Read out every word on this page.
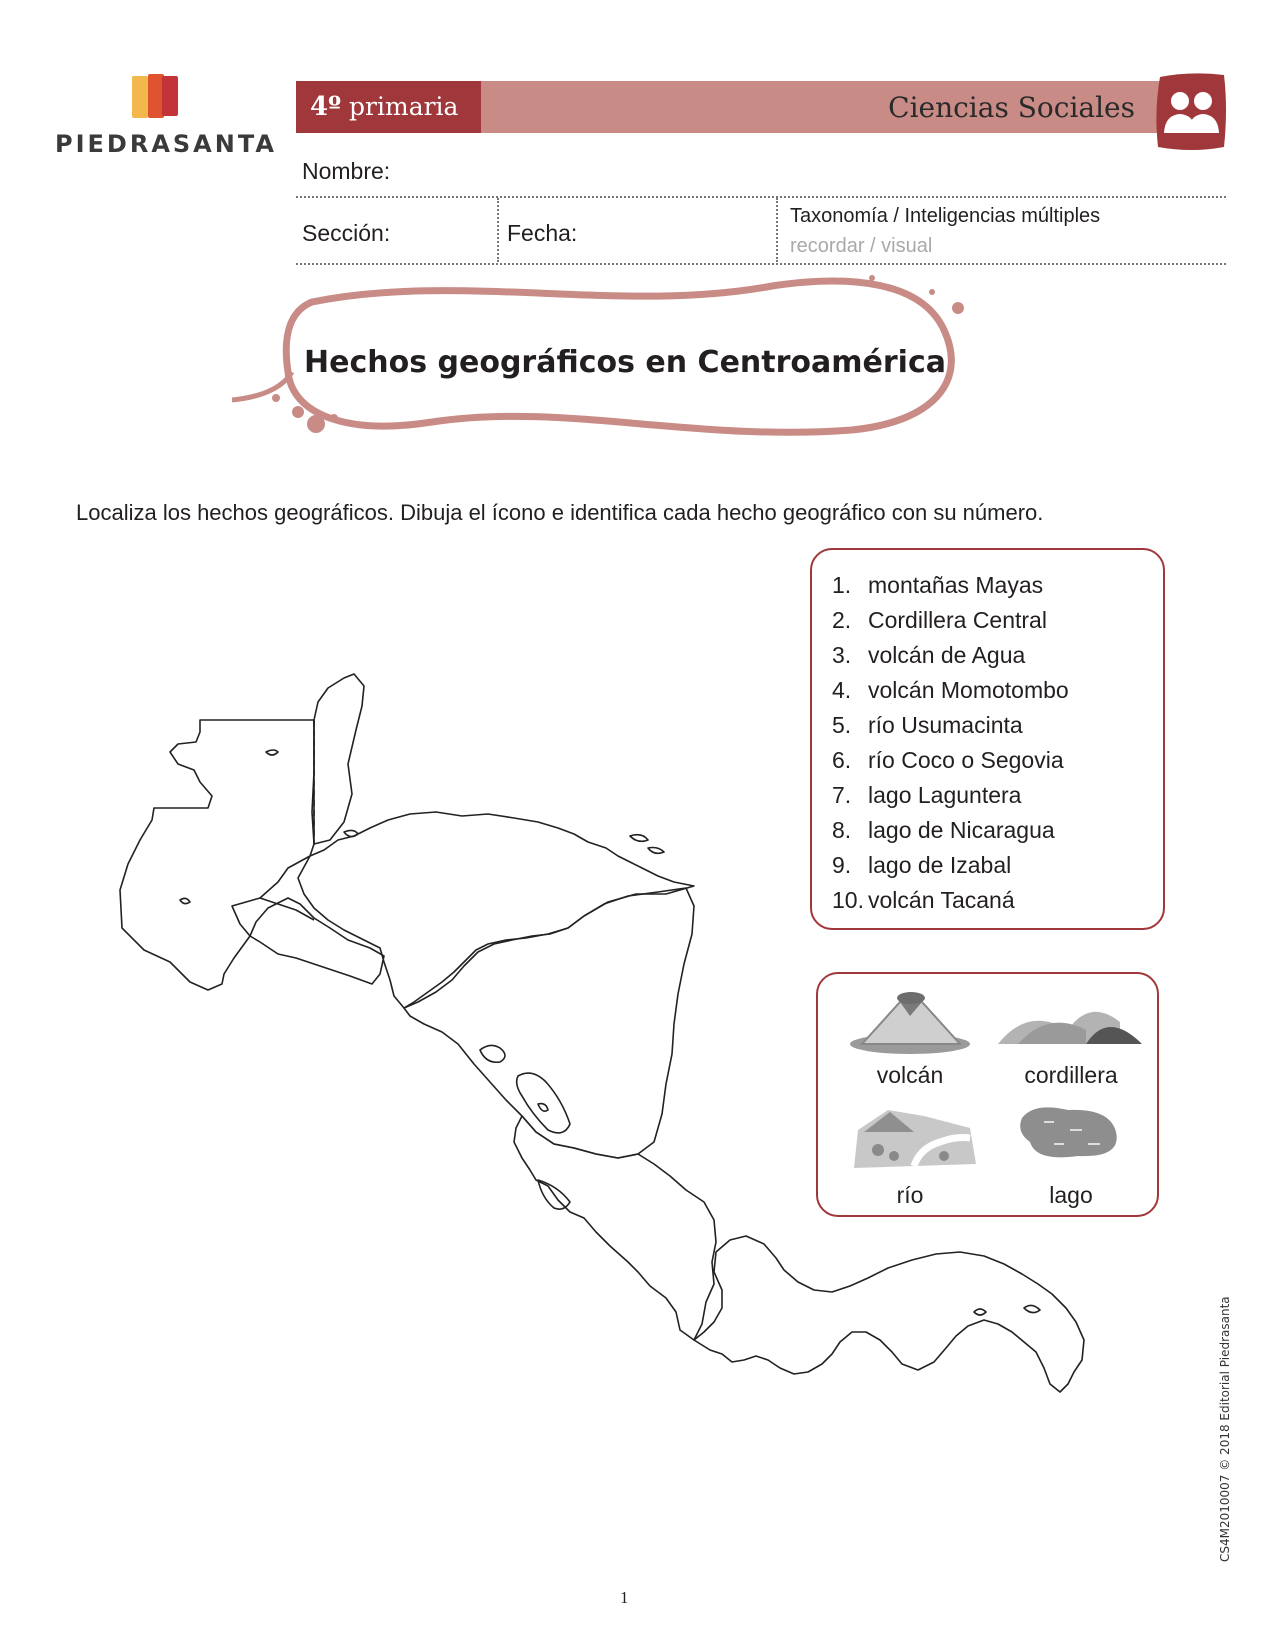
PIEDRASANTA
4º primaria	Ciencias Sociales
Nombre:
Sección:	Fecha:
Taxonomía / Inteligencias múltiples
recordar / visual
Hechos geográficos en Centroamérica
Localiza los hechos geográficos. Dibuja el ícono e identifica cada hecho geográfico con su número.
1. montañas Mayas
2. Cordillera Central
3. volcán de Agua
4. volcán Momotombo
5. río Usumacinta
6. río Coco o Segovia
7. lago Laguntera
8. lago de Nicaragua
9. lago de Izabal
10. volcán Tacaná
volcán	cordillera
río	lago
CS4M2010007 © 2018 Editorial Piedrasanta
1
